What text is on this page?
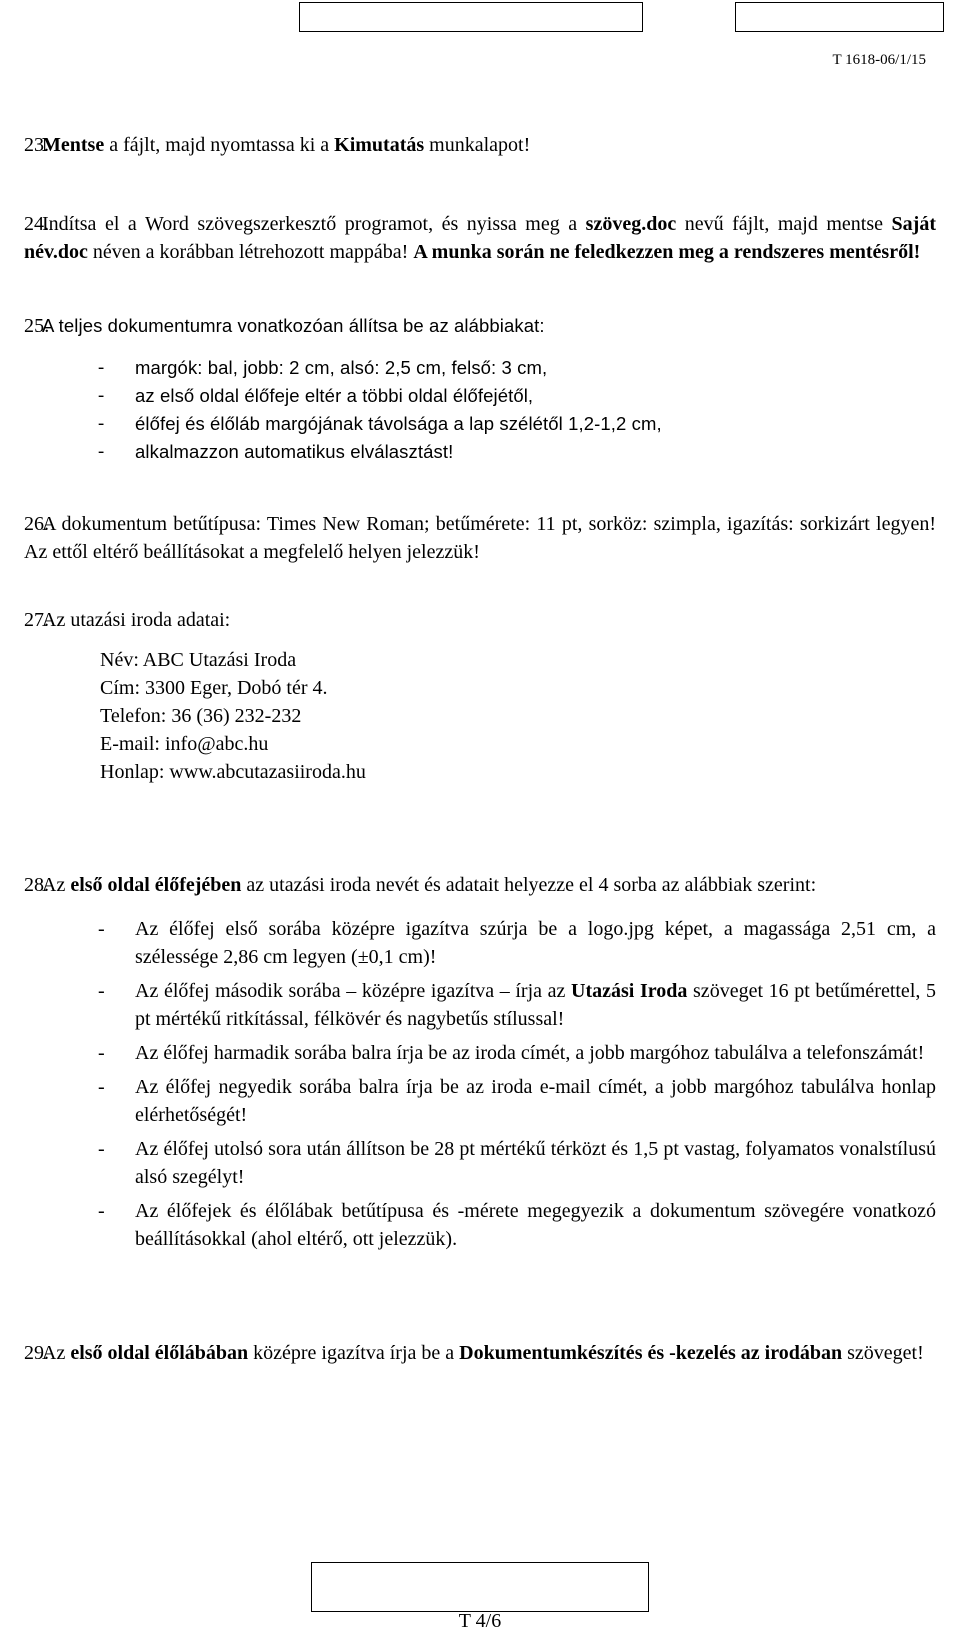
T 1618-06/1/15
23.
Mentse a fájlt, majd nyomtassa ki a Kimutatás munkalapot!
24.
Indítsa el a Word szövegszerkesztő programot, és nyissa meg a szöveg.doc nevű fájlt, majd mentse Saját név.doc néven a korábban létrehozott mappába! A munka során ne feledkezzen meg a rendszeres mentésről!
25.
A teljes dokumentumra vonatkozóan állítsa be az alábbiakat:
- margók: bal, jobb: 2 cm, alsó: 2,5 cm, felső: 3 cm,
- az első oldal élőfeje eltér a többi oldal élőfejétől,
- élőfej és élőláb margójának távolsága a lap szélétől 1,2-1,2 cm,
- alkalmazzon automatikus elválasztást!
26.
A dokumentum betűtípusa: Times New Roman; betűmérete: 11 pt, sorköz: szimpla, igazítás: sorkizárt legyen! Az ettől eltérő beállításokat a megfelelő helyen jelezzük!
27.
Az utazási iroda adatai:
Név: ABC Utazási Iroda
Cím: 3300 Eger, Dobó tér 4.
Telefon: 36 (36) 232-232
E-mail: info@abc.hu
Honlap: www.abcutazasiiroda.hu
28.
Az első oldal élőfejében az utazási iroda nevét és adatait helyezze el 4 sorba az alábbiak szerint:
- Az élőfej első sorába középre igazítva szúrja be a logo.jpg képet, a magassága 2,51 cm, a szélessége 2,86 cm legyen (±0,1 cm)!
- Az élőfej második sorába – középre igazítva – írja az Utazási Iroda szöveget 16 pt betűmérettel, 5 pt mértékű ritkítással, félkövér és nagybetűs stílussal!
- Az élőfej harmadik sorába balra írja be az iroda címét, a jobb margóhoz tabulálva a telefonszámát!
- Az élőfej negyedik sorába balra írja be az iroda e-mail címét, a jobb margóhoz tabulálva honlap elérhetőségét!
- Az élőfej utolsó sora után állítson be 28 pt mértékű térközt és 1,5 pt vastag, folyamatos vonalstílusú alsó szegélyt!
- Az élőfejek és élőlábak betűtípusa és -mérete megegyezik a dokumentum szövegére vonatkozó beállításokkal (ahol eltérő, ott jelezzük).
29.
Az első oldal élőlábában középre igazítva írja be a Dokumentumkészítés és -kezelés az irodában szöveget!
T 4/6
